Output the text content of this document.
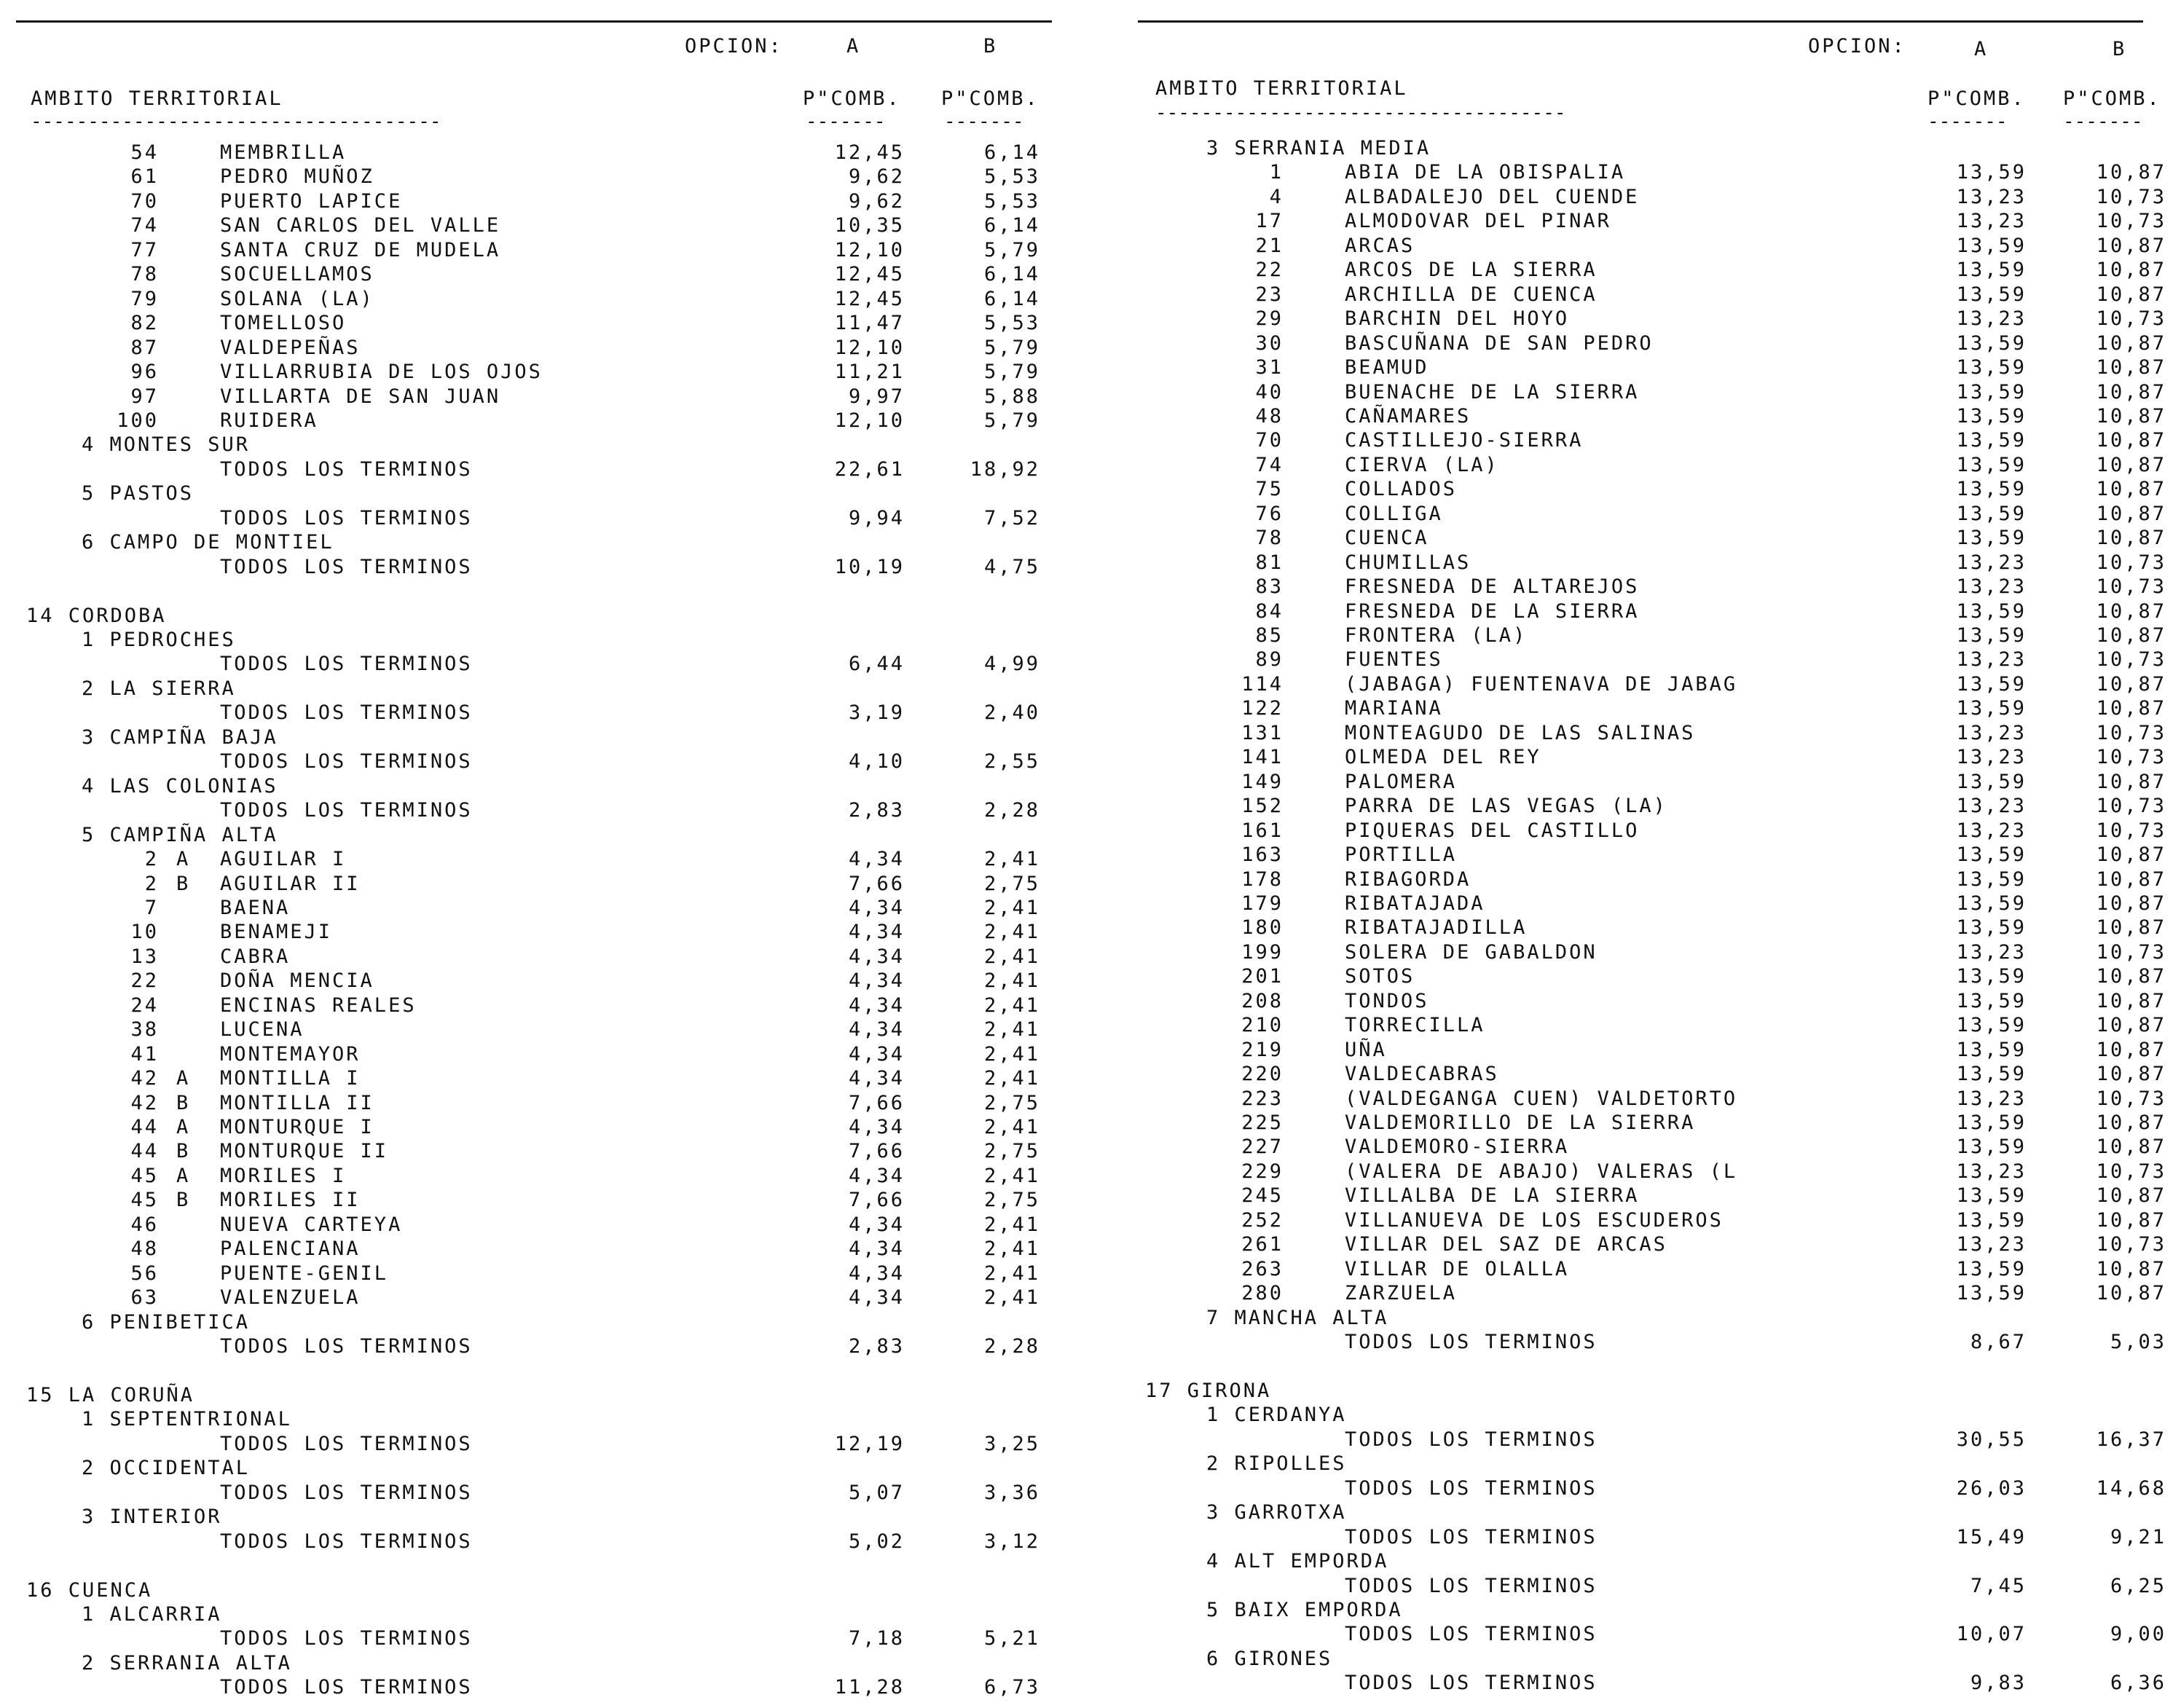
OPCION:	A	B
AMBITO TERRITORIAL	P"COMB. P"COMB.
------------------------------------	-------	-------
OPCION:	A	B
AMBITO TERRITORIAL	P"COMB. P"COMB.
------------------------------------	-------	-------
54	MEMBRILLA	12,45	6,14
61	PEDRO MUÑOZ	9,62	5,53
70	PUERTO LAPICE	9,62	5,53
74	SAN CARLOS DEL VALLE	10,35	6,14
77	SANTA CRUZ DE MUDELA	12,10	5,79
78	SOCUELLAMOS	12,45	6,14
79	SOLANA (LA)	12,45	6,14
82	TOMELLOSO	11,47	5,53
87	VALDEPEÑAS	12,10	5,79
96	VILLARRUBIA DE LOS OJOS	11,21	5,79
97	VILLARTA DE SAN JUAN	9,97	5,88
100	RUIDERA	12,10	5,79
4 MONTES SUR
TODOS LOS TERMINOS	22,61	18,92
5 PASTOS
TODOS LOS TERMINOS	9,94	7,52
6 CAMPO DE MONTIEL
TODOS LOS TERMINOS	10,19	4,75
14 CORDOBA
1 PEDROCHES
TODOS LOS TERMINOS	6,44	4,99
2 LA SIERRA
TODOS LOS TERMINOS	3,19	2,40
3 CAMPIÑA BAJA
TODOS LOS TERMINOS	4,10	2,55
4 LAS COLONIAS
TODOS LOS TERMINOS	2,83	2,28
5 CAMPIÑA ALTA
2 A	AGUILAR I	4,34	2,41
2 B	AGUILAR II	7,66	2,75
7	BAENA	4,34	2,41
10	BENAMEJI	4,34	2,41
13	CABRA	4,34	2,41
22	DOÑA MENCIA	4,34	2,41
24	ENCINAS REALES	4,34	2,41
38	LUCENA	4,34	2,41
41	MONTEMAYOR	4,34	2,41
42 A	MONTILLA I	4,34	2,41
42 B	MONTILLA II	7,66	2,75
44 A	MONTURQUE I	4,34	2,41
44 B	MONTURQUE II	7,66	2,75
45 A	MORILES I	4,34	2,41
45 B	MORILES II	7,66	2,75
46	NUEVA CARTEYA	4,34	2,41
48	PALENCIANA	4,34	2,41
56	PUENTE-GENIL	4,34	2,41
63	VALENZUELA	4,34	2,41
6 PENIBETICA
TODOS LOS TERMINOS	2,83	2,28
15 LA CORUÑA
1 SEPTENTRIONAL
TODOS LOS TERMINOS	12,19	3,25
2 OCCIDENTAL
TODOS LOS TERMINOS	5,07	3,36
3 INTERIOR
TODOS LOS TERMINOS	5,02	3,12
16 CUENCA
1 ALCARRIA
TODOS LOS TERMINOS	7,18	5,21
2 SERRANIA ALTA
TODOS LOS TERMINOS	11,28	6,73
3 SERRANIA MEDIA
1	ABIA DE LA OBISPALIA	13,59	10,87
4	ALBADALEJO DEL CUENDE	13,23	10,73
17	ALMODOVAR DEL PINAR	13,23	10,73
21	ARCAS	13,59	10,87
22	ARCOS DE LA SIERRA	13,59	10,87
23	ARCHILLA DE CUENCA	13,59	10,87
29	BARCHIN DEL HOYO	13,23	10,73
30	BASCUÑANA DE SAN PEDRO	13,59	10,87
31	BEAMUD	13,59	10,87
40	BUENACHE DE LA SIERRA	13,59	10,87
48	CAÑAMARES	13,59	10,87
70	CASTILLEJO-SIERRA	13,59	10,87
74	CIERVA (LA)	13,59	10,87
75	COLLADOS	13,59	10,87
76	COLLIGA	13,59	10,87
78	CUENCA	13,59	10,87
81	CHUMILLAS	13,23	10,73
83	FRESNEDA DE ALTAREJOS	13,23	10,73
84	FRESNEDA DE LA SIERRA	13,59	10,87
85	FRONTERA (LA)	13,59	10,87
89	FUENTES	13,23	10,73
114	(JABAGA) FUENTENAVA DE JABAG	13,59	10,87
122	MARIANA	13,59	10,87
131	MONTEAGUDO DE LAS SALINAS	13,23	10,73
141	OLMEDA DEL REY	13,23	10,73
149	PALOMERA	13,59	10,87
152	PARRA DE LAS VEGAS (LA)	13,23	10,73
161	PIQUERAS DEL CASTILLO	13,23	10,73
163	PORTILLA	13,59	10,87
178	RIBAGORDA	13,59	10,87
179	RIBATAJADA	13,59	10,87
180	RIBATAJADILLA	13,59	10,87
199	SOLERA DE GABALDON	13,23	10,73
201	SOTOS	13,59	10,87
208	TONDOS	13,59	10,87
210	TORRECILLA	13,59	10,87
219	UÑA	13,59	10,87
220	VALDECABRAS	13,59	10,87
223	(VALDEGANGA CUEN) VALDETORTO	13,23	10,73
225	VALDEMORILLO DE LA SIERRA	13,59	10,87
227	VALDEMORO-SIERRA	13,59	10,87
229	(VALERA DE ABAJO) VALERAS (L	13,23	10,73
245	VILLALBA DE LA SIERRA	13,59	10,87
252	VILLANUEVA DE LOS ESCUDEROS	13,59	10,87
261	VILLAR DEL SAZ DE ARCAS	13,23	10,73
263	VILLAR DE OLALLA	13,59	10,87
280	ZARZUELA	13,59	10,87
7 MANCHA ALTA
TODOS LOS TERMINOS	8,67	5,03
17 GIRONA
1 CERDANYA
TODOS LOS TERMINOS	30,55	16,37
2 RIPOLLES
TODOS LOS TERMINOS	26,03	14,68
3 GARROTXA
TODOS LOS TERMINOS	15,49	9,21
4 ALT EMPORDA
TODOS LOS TERMINOS	7,45	6,25
5 BAIX EMPORDA
TODOS LOS TERMINOS	10,07	9,00
6 GIRONES
TODOS LOS TERMINOS	9,83	6,36
